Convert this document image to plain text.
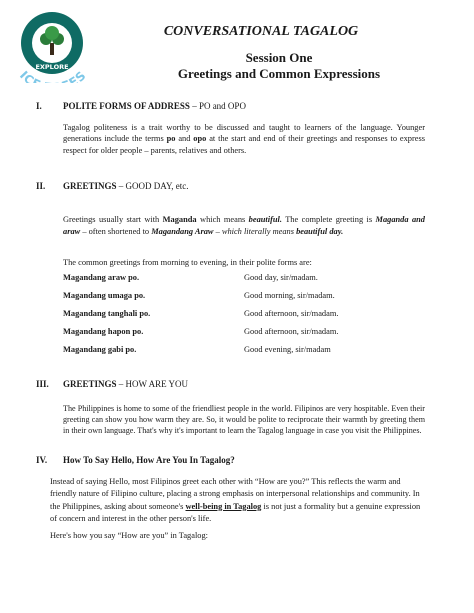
IMAGINE CREATE
EXPLORE
IC ES
CONVERSATIONAL TAGALOG
Session One
Greetings and Common Expressions
I. POLITE FORMS OF ADDRESS – PO and OPO
Tagalog politeness is a trait worthy to be discussed and taught to learners of the language. Younger generations include the terms po and opo at the start and end of their greetings and responses to express respect for older people – parents, relatives and others.
II. GREETINGS – GOOD DAY, etc.
Greetings usually start with Maganda which means beautiful. The complete greeting is Maganda and araw – often shortened to Magandang Araw – which literally means beautiful day.
The common greetings from morning to evening, in their polite forms are:
Magandang araw po.	Good day, sir/madam.
Magandang umaga po.	Good morning, sir/madam.
Magandang tanghali po.	Good afternoon, sir/madam.
Magandang hapon po.	Good afternoon, sir/madam.
Magandang gabi po.	Good evening, sir/madam
III. GREETINGS – HOW ARE YOU
The Philippines is home to some of the friendliest people in the world. Filipinos are very hospitable. Even their greeting can show you how warm they are. So, it would be polite to reciprocate their warmth by greeting them in their own language. That's why it's important to learn the Tagalog language in case you visit the Philippines.
IV. How To Say Hello, How Are You In Tagalog?
Instead of saying Hello, most Filipinos greet each other with “How are you?” This reflects the warm and friendly nature of Filipino culture, placing a strong emphasis on interpersonal relationships and community. In the Philippines, asking about someone's well-being in Tagalog is not just a formality but a genuine expression of concern and interest in the other person's life.
Here's how you say “How are you” in Tagalog:
